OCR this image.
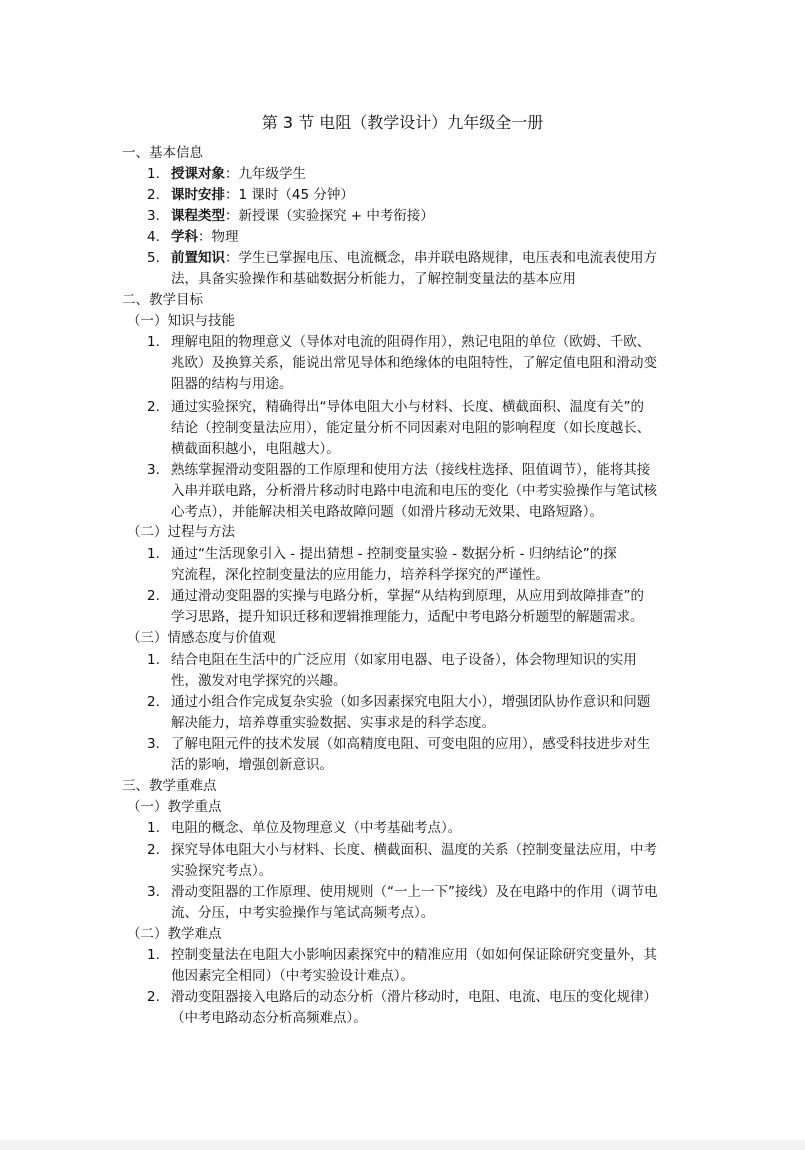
第 3 节 电阻（教学设计）九年级全一册
一、基本信息
1. 授课对象：九年级学生
2. 课时安排：1 课时（45 分钟）
3. 课程类型：新授课（实验探究 + 中考衔接）
4. 学科：物理
5. 前置知识：学生已掌握电压、电流概念，串并联电路规律，电压表和电流表使用方
法，具备实验操作和基础数据分析能力，了解控制变量法的基本应用
二、教学目标
（一）知识与技能
1. 理解电阻的物理意义（导体对电流的阻碍作用），熟记电阻的单位（欧姆、千欧、
兆欧）及换算关系，能说出常见导体和绝缘体的电阻特性，了解定值电阻和滑动变
阻器的结构与用途。
2. 通过实验探究，精确得出“导体电阻大小与材料、长度、横截面积、温度有关”的
结论（控制变量法应用），能定量分析不同因素对电阻的影响程度（如长度越长、
横截面积越小，电阻越大）。
3. 熟练掌握滑动变阻器的工作原理和使用方法（接线柱选择、阻值调节），能将其接
入串并联电路，分析滑片移动时电路中电流和电压的变化（中考实验操作与笔试核
心考点），并能解决相关电路故障问题（如滑片移动无效果、电路短路）。
（二）过程与方法
1. 通过“生活现象引入 - 提出猜想 - 控制变量实验 - 数据分析 - 归纳结论”的探
究流程，深化控制变量法的应用能力，培养科学探究的严谨性。
2. 通过滑动变阻器的实操与电路分析，掌握“从结构到原理，从应用到故障排查”的
学习思路，提升知识迁移和逻辑推理能力，适配中考电路分析题型的解题需求。
（三）情感态度与价值观
1. 结合电阻在生活中的广泛应用（如家用电器、电子设备），体会物理知识的实用
性，激发对电学探究的兴趣。
2. 通过小组合作完成复杂实验（如多因素探究电阻大小），增强团队协作意识和问题
解决能力，培养尊重实验数据、实事求是的科学态度。
3. 了解电阻元件的技术发展（如高精度电阻、可变电阻的应用），感受科技进步对生
活的影响，增强创新意识。
三、教学重难点
（一）教学重点
1. 电阻的概念、单位及物理意义（中考基础考点）。
2. 探究导体电阻大小与材料、长度、横截面积、温度的关系（控制变量法应用，中考
实验探究考点）。
3. 滑动变阻器的工作原理、使用规则（“一上一下”接线）及在电路中的作用（调节电
流、分压，中考实验操作与笔试高频考点）。
（二）教学难点
1. 控制变量法在电阻大小影响因素探究中的精准应用（如如何保证除研究变量外，其
他因素完全相同）（中考实验设计难点）。
2. 滑动变阻器接入电路后的动态分析（滑片移动时，电阻、电流、电压的变化规律）
（中考电路动态分析高频难点）。
